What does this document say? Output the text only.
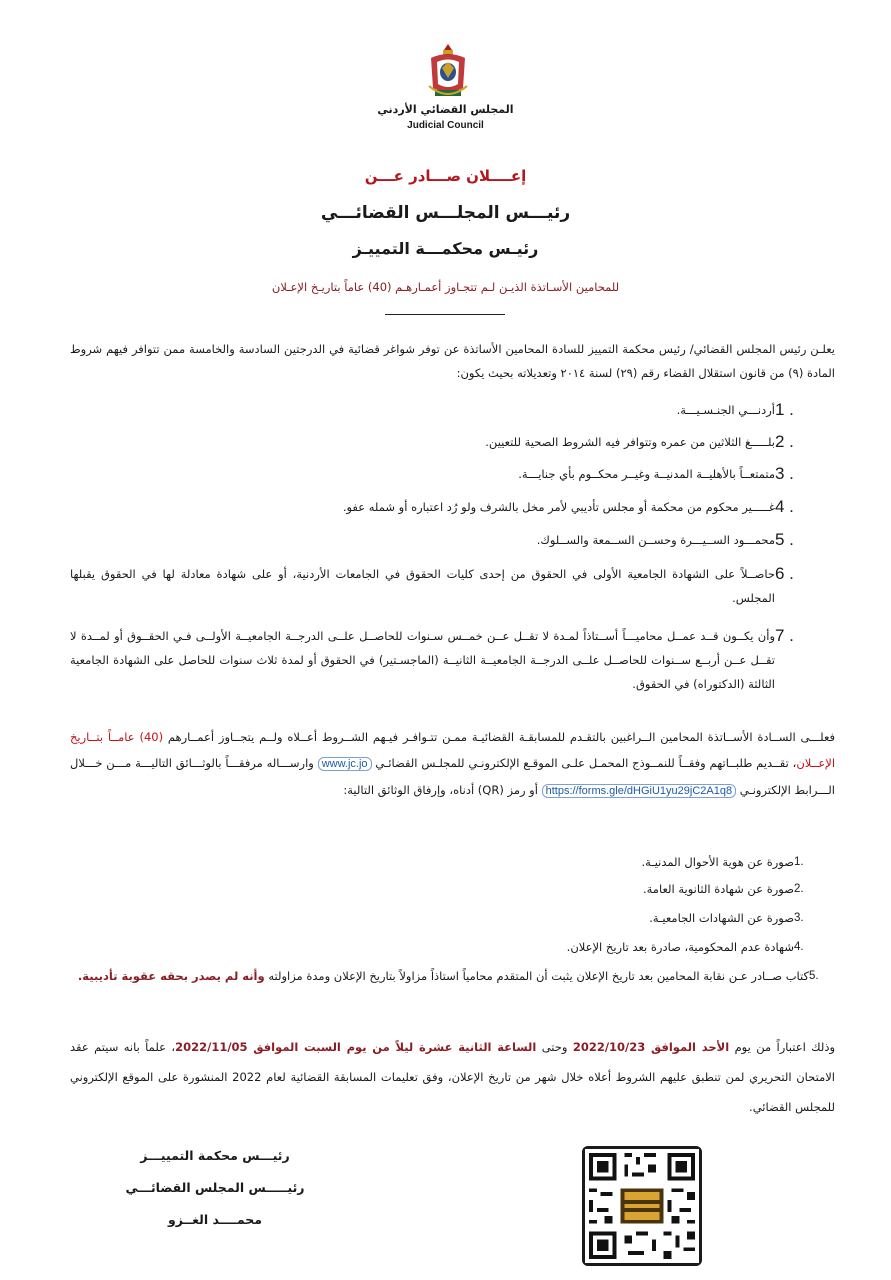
المجلس القضائي الأردني
Judicial Council
إعــــلان صـــادر عـــن
رئيـــس المجلـــس القضائـــي
رئيـس محكمـــة التمييـز
للمحامين الأسـاتذة الذيـن لـم تتجـاوز أعمـارهـم (40) عاماً بتاريـخ الإعـلان
يعلـن رئيس المجلس القضائي/ رئيس محكمة التمييز للسادة المحامين الأساتذة عن توفر شواغر قضائية في الدرجتين السادسة والخامسة ممن تتوافر فيهم شروط المادة (٩) من قانون استقلال القضاء رقم (٢٩) لسنة ٢٠١٤ وتعديلاته بحيث يكون:
1 .
أردنـــي الجنـسـيـــة.
2 .
بلـــــغ الثلاثين من عمره وتتوافر فيه الشروط الصحية للتعيين.
3 .
متمتعــاً بالأهليــة المدنيــة وغيــر محكــوم بأي جنايـــة.
4 .
غـــــير محكوم من محكمة أو مجلس تأديبي لأمر مخل بالشرف ولو رُد اعتباره أو شمله عفو.
5 .
محمـــود الســيـــرة وحســن الســمعة والســلوك.
6 .
حاصــلاً على الشهادة الجامعية الأولى في الحقوق من إحدى كليات الحقوق في الجامعات الأردنية، أو على شهادة معادلة لها في الحقوق يقبلها المجلس.
7 .
وأن يكــون قــد عمــل محاميـــاً أســتاذاً لمـدة لا تقــل عــن خمــس سـنوات للحاصــل علــى الدرجــة الجامعيــة الأولــى فـي الحقــوق أو لمــدة لا تقــل عــن أربــع ســنوات للحاصــل علــى الدرجــة الجامعيــة الثانيــة (الماجسـتير) في الحقوق أو لمدة ثلاث سنوات للحاصل على الشهادة الجامعية الثالثة (الدكتوراه) في الحقوق.
فعلـــى الســادة الأســاتذة المحامين الــراغبين بالتقـدم للمسابقـة القضائيـة ممـن تتـوافـر فيـهم الشــروط أعــلاه ولــم يتجــاوز أعمــارهم (40) عامــاً بتــاريخ الإعــلان، تقــديم طلبــاتهم وفقــاً للنمــوذج المحمـل علـى الموقـع الإلكترونـي للمجلـس القضائـي www.jc.jo وارســـاله مرفقـــاً بالوثـــائق التاليـــة مـــن خـــلال الـــرابط الإلكترونـي https://forms.gle/dHGiU1yu29jC2A1q8 أو رمز (QR) أدناه، وإرفاق الوثائق التالية:
1.
صورة عن هوية الأحوال المدنيـة.
2.
صورة عن شهادة الثانوية العامة.
3.
صورة عن الشهادات الجامعيـة.
4.
شهادة عدم المحكومية، صادرة بعد تاريخ الإعلان.
5.
كتاب صــادر عـن نقابة المحامين بعد تاريخ الإعلان يثبت أن المتقدم محامياً استاذاً مزاولاً بتاريخ الإعلان ومدة مزاولته وأنه لم يصدر بحقه عقوبة تأديبية.
وذلك اعتباراً من يوم الأحد الموافق 2022/10/23 وحتى الساعة الثانية عشرة ليلاً من يوم السبت الموافق 2022/11/05، علماً بانه سيتم عقد الامتحان التحريري لمن تنطبق عليهم الشروط أعلاه خلال شهر من تاريخ الإعلان، وفق تعليمات المسابقة القضائية لعام 2022 المنشورة على الموقع الإلكتروني للمجلس القضائي.
رئيـــس محكمة التمييـــز
رئيـــــس المجلس القضائـــي
محمــــد الغــزو
